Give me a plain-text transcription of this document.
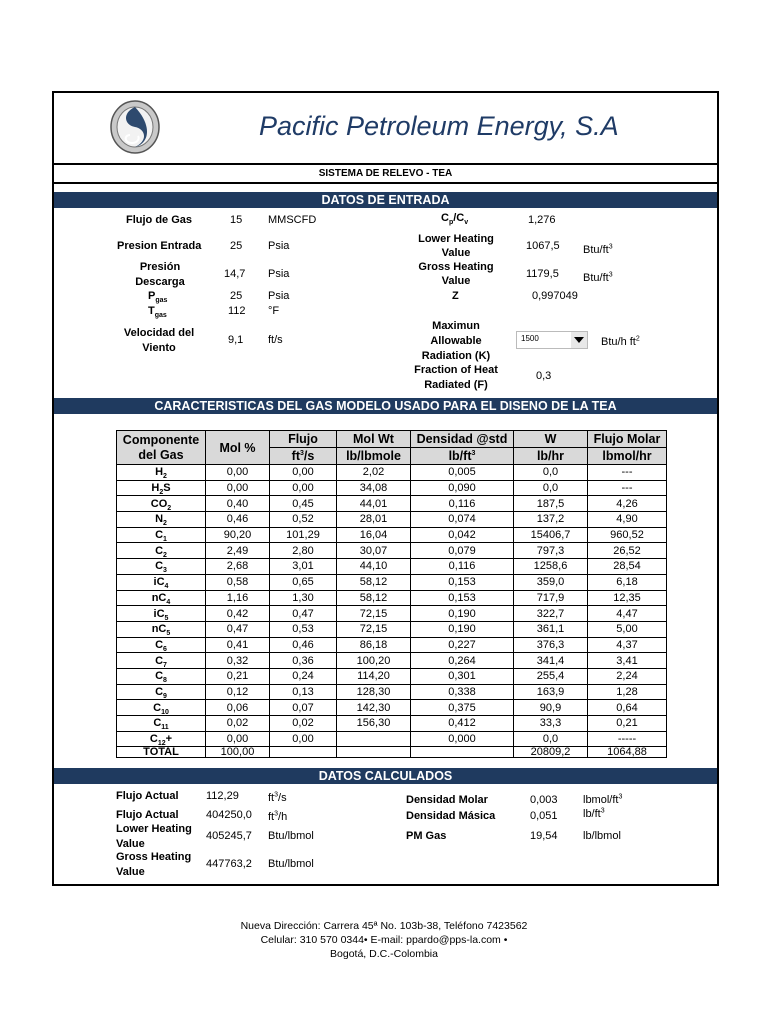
Pacific Petroleum Energy, S.A
SISTEMA DE RELEVO - TEA
DATOS DE ENTRADA
Flujo de Gas	15 MMSCFD
Presion Entrada	25 Psia
Presión
Descarga
14,7 Psia
$P_{gas}$	25 Psia
$T_{gas}$	112 °F
Velocidad del
Viento
9,1 ft/s
$C_p/C_v$	1,276
Lower Heating
Value
1067,5 Btu/$ft^3$
Gross Heating
Value
1179,5 Btu/$ft^3$
Z	0,997049
Maximun
Allowable
Radiation (K)
1500	Btu/h $ft^2$
Fraction of Heat
Radiated (F)
0,3
CARACTERISTICAS DEL GAS MODELO USADO PARA EL DISENO DE LA TEA
Componente
del Gas	Mol %	Flujo	Mol Wt	Densidad @std	W	Flujo Molar
		$ft^3/s$	lb/lbmole	$lb/ft^3$	lb/hr	lbmol/hr
$H_2$	0,00	0,00	2,02	0,005	0,0	---
$H_2S$	0,00	0,00	34,08	0,090	0,0	---
$CO_2$	0,40	0,45	44,01	0,116	187,5	4,26
$N_2$	0,46	0,52	28,01	0,074	137,2	4,90
$C_1$	90,20	101,29	16,04	0,042	15406,7	960,52
$C_2$	2,49	2,80	30,07	0,079	797,3	26,52
$C_3$	2,68	3,01	44,10	0,116	1258,6	28,54
$iC_4$	0,58	0,65	58,12	0,153	359,0	6,18
$nC_4$	1,16	1,30	58,12	0,153	717,9	12,35
$iC_5$	0,42	0,47	72,15	0,190	322,7	4,47
$nC_5$	0,47	0,53	72,15	0,190	361,1	5,00
$C_6$	0,41	0,46	86,18	0,227	376,3	4,37
$C_7$	0,32	0,36	100,20	0,264	341,4	3,41
$C_8$	0,21	0,24	114,20	0,301	255,4	2,24
$C_9$	0,12	0,13	128,30	0,338	163,9	1,28
$C_{10}$	0,06	0,07	142,30	0,375	90,9	0,64
$C_{11}$	0,02	0,02	156,30	0,412	33,3	0,21
$C_{12}+$	0,00	0,00		0,000	0,0	-----
TOTAL	100,00				20809,2	1064,88
DATOS CALCULADOS
Flujo Actual 112,29	$ft^3/s$
Flujo Actual 404250,0 $ft^3/h$
Lower Heating
Value
405245,7 Btu/lbmol
Gross Heating
Value
447763,2 Btu/lbmol
Densidad Molar	0,003 lbmol/$ft^3$
Densidad Másica	0,051 $lb/ft^3$
PM Gas	19,54 lb/lbmol
Nueva Dirección: Carrera 45ª No. 103b-38, Teléfono 7423562
Celular: 310 570 0344• E-mail: ppardo@pps-la.com •
Bogotá, D.C.-Colombia
